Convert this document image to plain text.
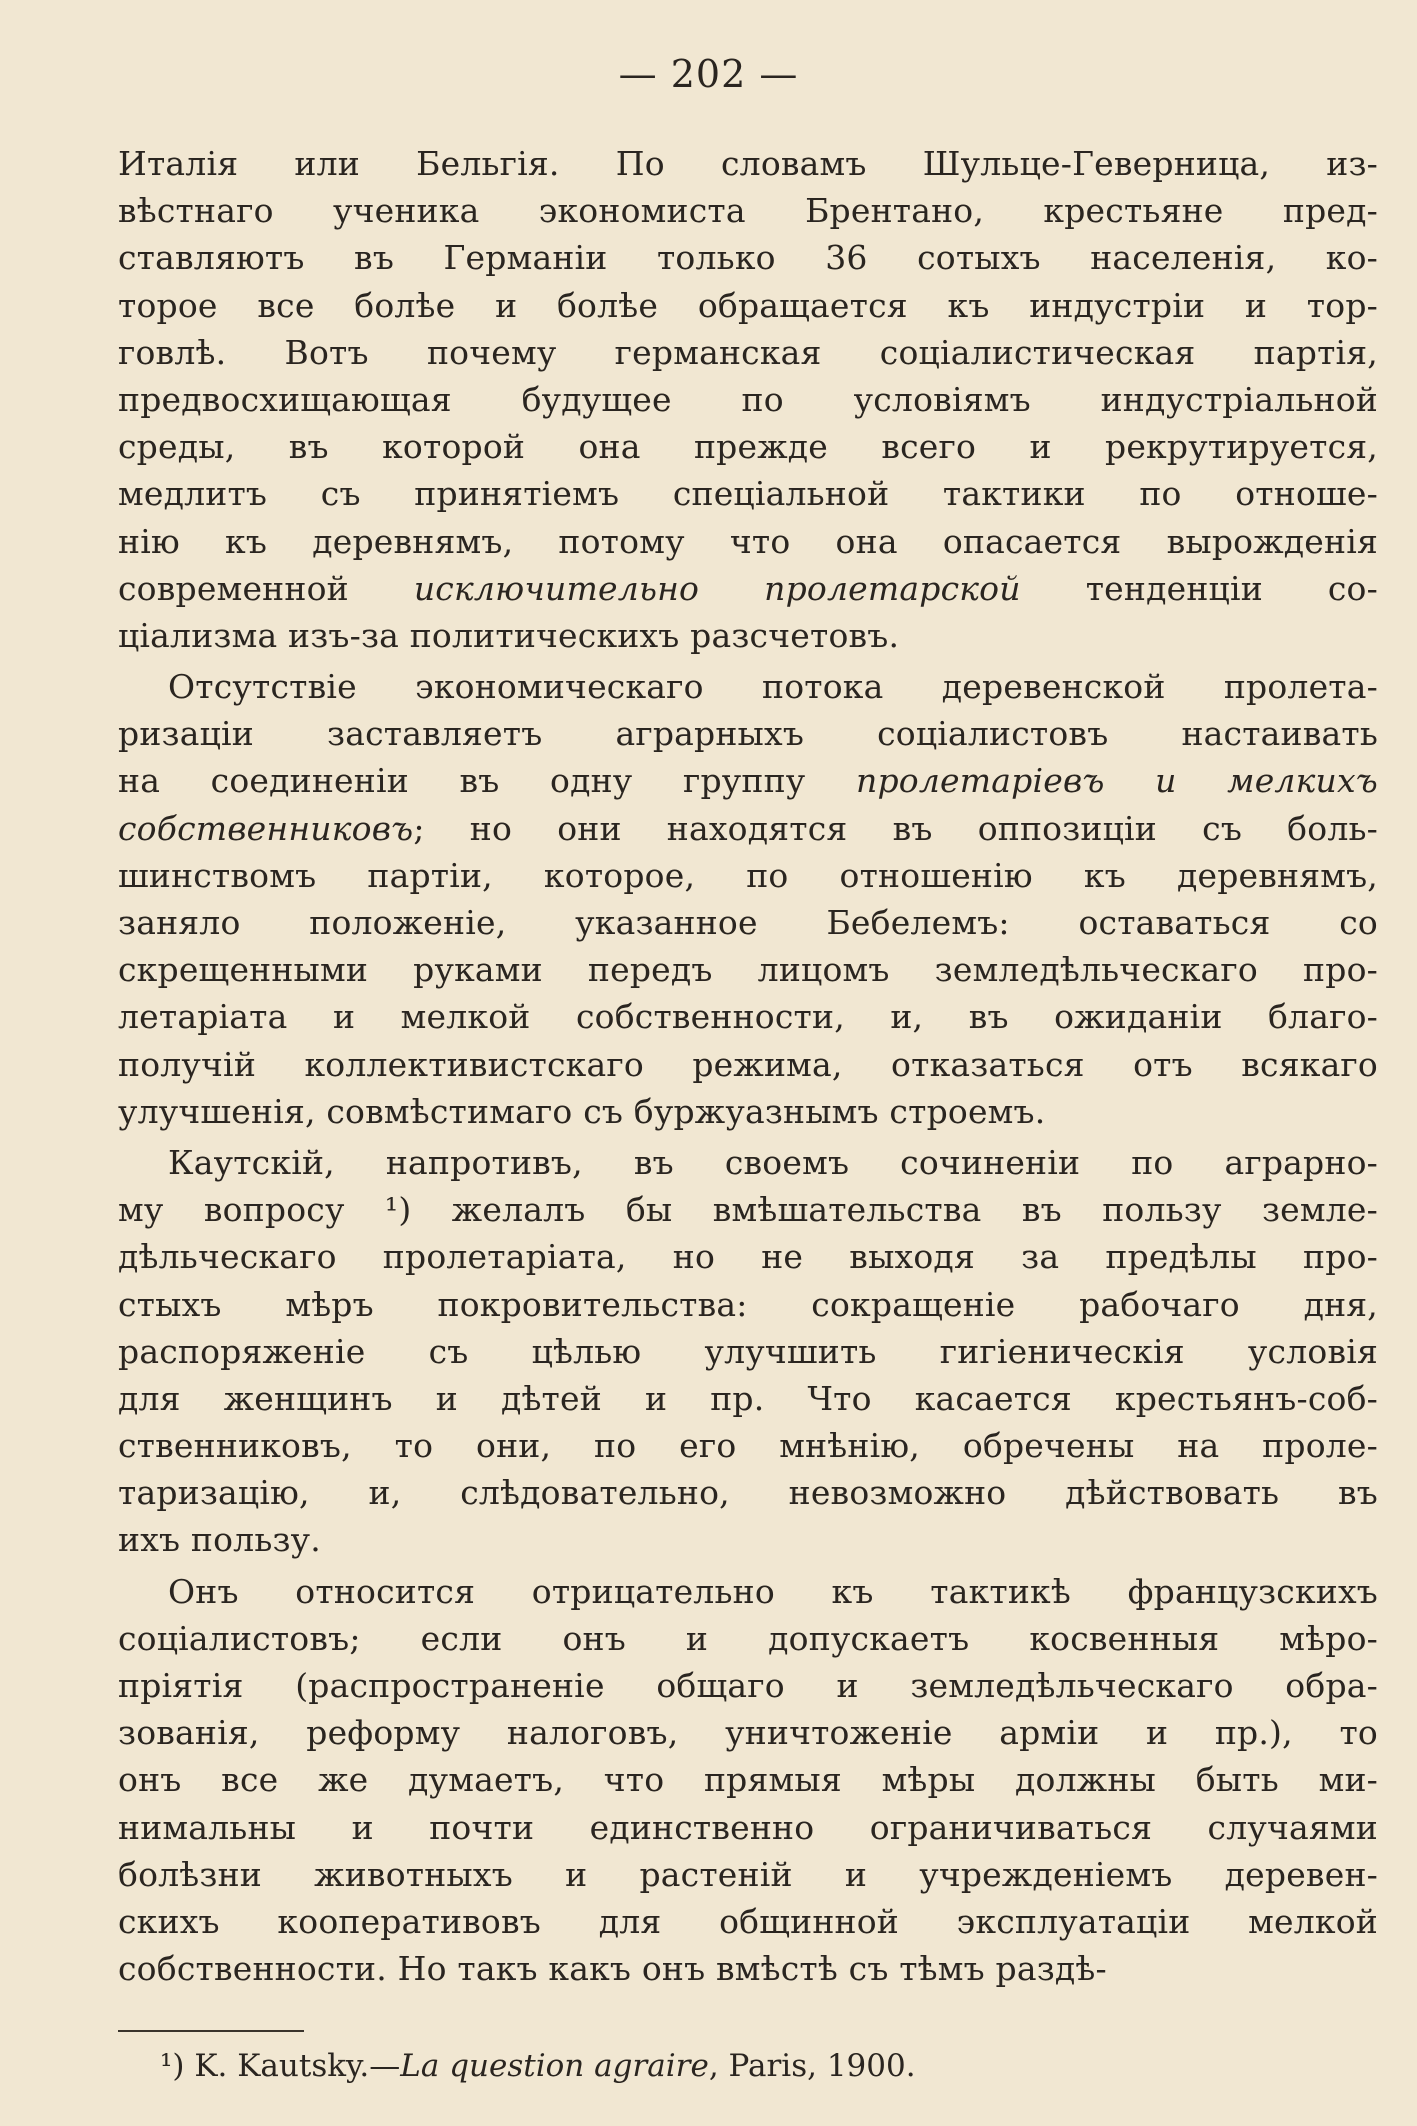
— 202 —
Италія или Бельгія. По словамъ Шульце-Геверница, из-
вѣстнаго ученика экономиста Брентано, крестьяне пред-
ставляютъ въ Германіи только 36 сотыхъ населенія, ко-
торое все болѣе и болѣе обращается къ индустріи и тор-
говлѣ. Вотъ почему германская соціалистическая партія,
предвосхищающая будущее по условіямъ индустріальной
среды, въ которой она прежде всего и рекрутируется,
медлитъ съ принятіемъ спеціальной тактики по отноше-
нію къ деревнямъ, потому что она опасается вырожденія
современной исключительно пролетарской тенденціи со-
ціализма изъ-за политическихъ разсчетовъ.
Отсутствіе экономическаго потока деревенской пролета-
ризаціи заставляетъ аграрныхъ соціалистовъ настаивать
на соединеніи въ одну группу пролетаріевъ и мелкихъ
собственниковъ; но они находятся въ оппозиціи съ боль-
шинствомъ партіи, которое, по отношенію къ деревнямъ,
заняло положеніе, указанное Бебелемъ: оставаться со
скрещенными руками передъ лицомъ земледѣльческаго про-
летаріата и мелкой собственности, и, въ ожиданіи благо-
получій коллективистскаго режима, отказаться отъ всякаго
улучшенія, совмѣстимаго съ буржуазнымъ строемъ.
Каутскій, напротивъ, въ своемъ сочиненіи по аграрно-
му вопросу ¹) желалъ бы вмѣшательства въ пользу земле-
дѣльческаго пролетаріата, но не выходя за предѣлы про-
стыхъ мѣръ покровительства: сокращеніе рабочаго дня,
распоряженіе съ цѣлью улучшить гигіеническія условія
для женщинъ и дѣтей и пр. Что касается крестьянъ-соб-
ственниковъ, то они, по его мнѣнію, обречены на проле-
таризацію, и, слѣдовательно, невозможно дѣйствовать въ
ихъ пользу.
Онъ относится отрицательно къ тактикѣ французскихъ
соціалистовъ; если онъ и допускаетъ косвенныя мѣро-
пріятія (распространеніе общаго и земледѣльческаго обра-
зованія, реформу налоговъ, уничтоженіе арміи и пр.), то
онъ все же думаетъ, что прямыя мѣры должны быть ми-
нимальны и почти единственно ограничиваться случаями
болѣзни животныхъ и растеній и учрежденіемъ деревен-
скихъ кооперативовъ для общинной эксплуатаціи мелкой
собственности. Но такъ какъ онъ вмѣстѣ съ тѣмъ раздѣ-
¹) K. Kautsky.—La question agraire, Paris, 1900.
